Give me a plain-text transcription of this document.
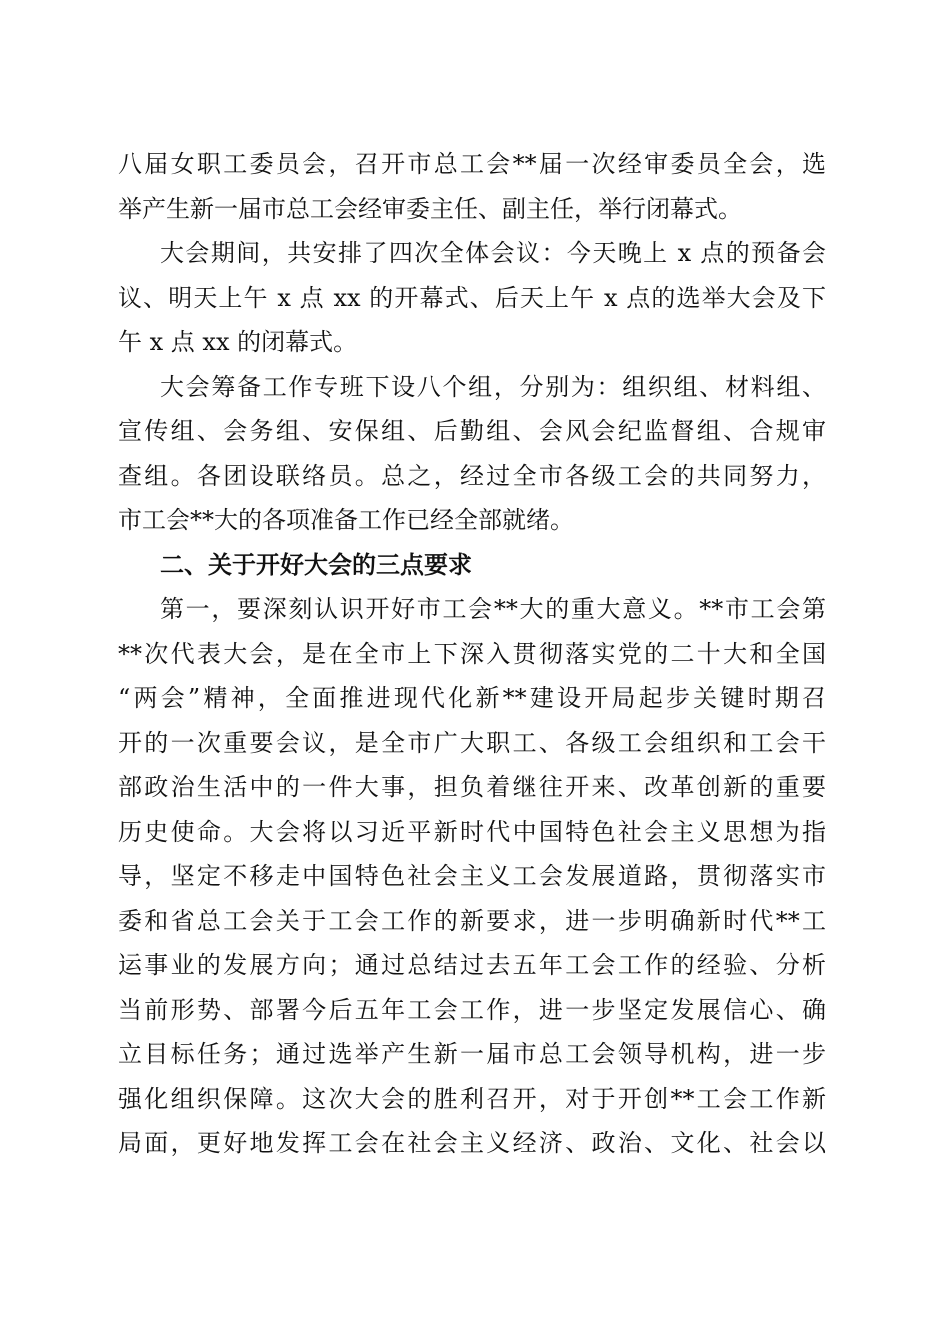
八届女职工委员会，召开市总工会**届一次经审委员全会，选
举产生新一届市总工会经审委主任、副主任，举行闭幕式。
大会期间，共安排了四次全体会议：今天晚上 x 点的预备会
议、明天上午 x 点 xx 的开幕式、后天上午 x 点的选举大会及下
午 x 点 xx 的闭幕式。
大会筹备工作专班下设八个组，分别为：组织组、材料组、
宣传组、会务组、安保组、后勤组、会风会纪监督组、合规审
查组。各团设联络员。总之，经过全市各级工会的共同努力，
市工会**大的各项准备工作已经全部就绪。
二、关于开好大会的三点要求
第一，要深刻认识开好市工会**大的重大意义。**市工会第
**次代表大会，是在全市上下深入贯彻落实党的二十大和全国
“两会”精神，全面推进现代化新**建设开局起步关键时期召
开的一次重要会议，是全市广大职工、各级工会组织和工会干
部政治生活中的一件大事，担负着继往开来、改革创新的重要
历史使命。大会将以习近平新时代中国特色社会主义思想为指
导，坚定不移走中国特色社会主义工会发展道路，贯彻落实市
委和省总工会关于工会工作的新要求，进一步明确新时代**工
运事业的发展方向；通过总结过去五年工会工作的经验、分析
当前形势、部署今后五年工会工作，进一步坚定发展信心、确
立目标任务；通过选举产生新一届市总工会领导机构，进一步
强化组织保障。这次大会的胜利召开，对于开创**工会工作新
局面，更好地发挥工会在社会主义经济、政治、文化、社会以
